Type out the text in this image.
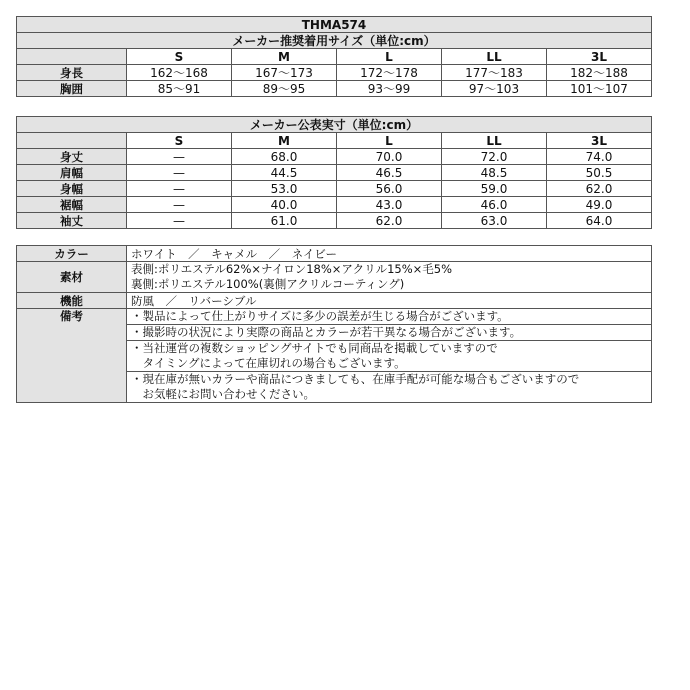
THMA574					
メーカー推奨着用サイズ（単位:cm）					
	S	M	L	LL	3L
身長	162～168	167～173	172～178	177～183	182～188
胸囲	85～91	89～95	93～99	97～103	101～107
メーカー公表実寸（単位:cm）					
	S	M	L	LL	3L
身丈	—	68.0	70.0	72.0	74.0
肩幅	—	44.5	46.5	48.5	50.5
身幅	—	53.0	56.0	59.0	62.0
裾幅	—	40.0	43.0	46.0	49.0
袖丈	—	61.0	62.0	63.0	64.0
カラー	ホワイト　／　キャメル　／　ネイビー
素材	表側:ポリエステル62%×ナイロン18%×アクリル15%×毛5%
裏側:ポリエステル100%(裏側アクリルコーティング)

機能	防風　／　リバーシブル
備考	・製品によって仕上がりサイズに多少の誤差が生じる場合がございます。

	・撮影時の状況により実際の商品とカラーが若干異なる場合がございます。

	・当社運営の複数ショッピングサイトでも同商品を掲載していますので
　タイミングによって在庫切れの場合もございます。

	・現在庫が無いカラーや商品につきましても、在庫手配が可能な場合もございますので
　お気軽にお問い合わせください。
